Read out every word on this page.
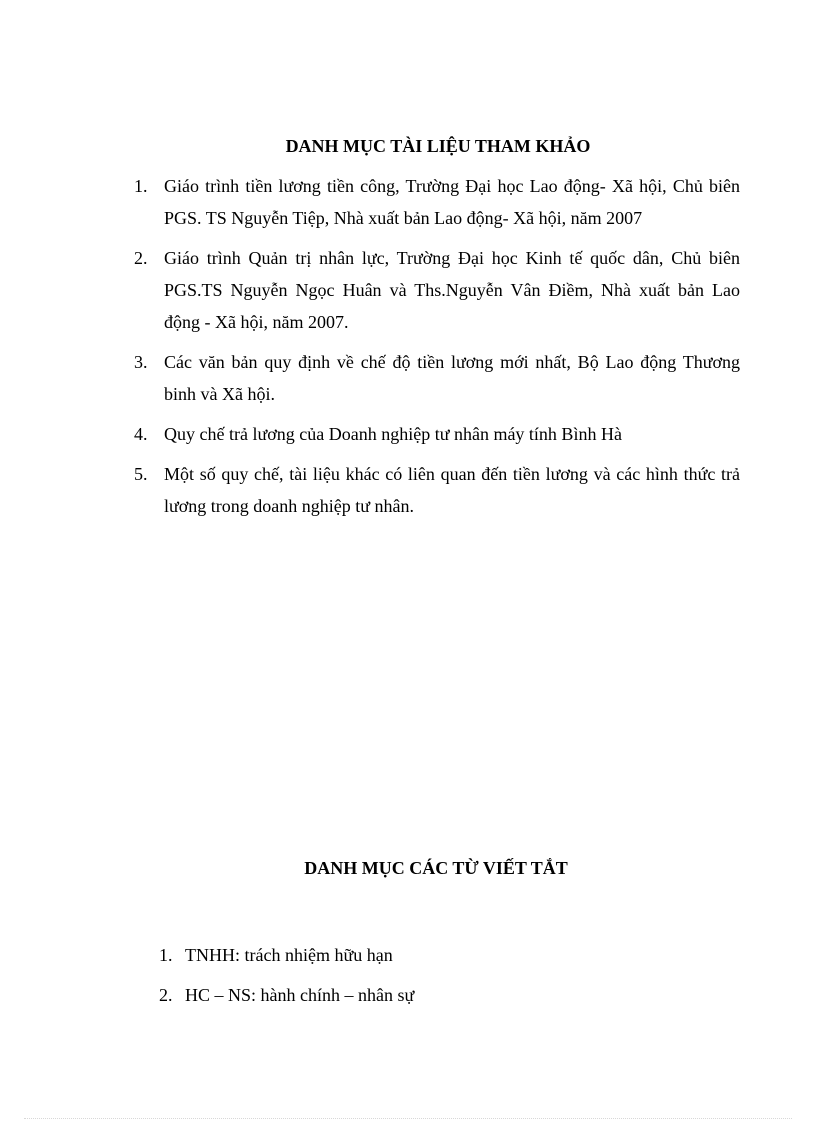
DANH MỤC TÀI LIỆU THAM KHẢO
1. Giáo trình tiền lương tiền công, Trường Đại học Lao động- Xã hội, Chủ biên PGS. TS Nguyễn Tiệp, Nhà xuất bản Lao động- Xã hội, năm 2007
2. Giáo trình Quản trị nhân lực, Trường Đại học Kinh tế quốc dân, Chủ biên PGS.TS Nguyễn Ngọc Huân và Ths.Nguyễn Vân Điềm, Nhà xuất bản Lao động - Xã hội, năm 2007.
3. Các văn bản quy định về chế độ tiền lương mới nhất, Bộ Lao động Thương binh và Xã hội.
4. Quy chế trả lương của Doanh nghiệp tư nhân máy tính Bình Hà
5. Một số quy chế, tài liệu khác có liên quan đến tiền lương và các hình thức trả lương trong doanh nghiệp tư nhân.
DANH MỤC CÁC TỪ VIẾT TẮT
1. TNHH: trách nhiệm hữu hạn
2. HC – NS: hành chính – nhân sự
